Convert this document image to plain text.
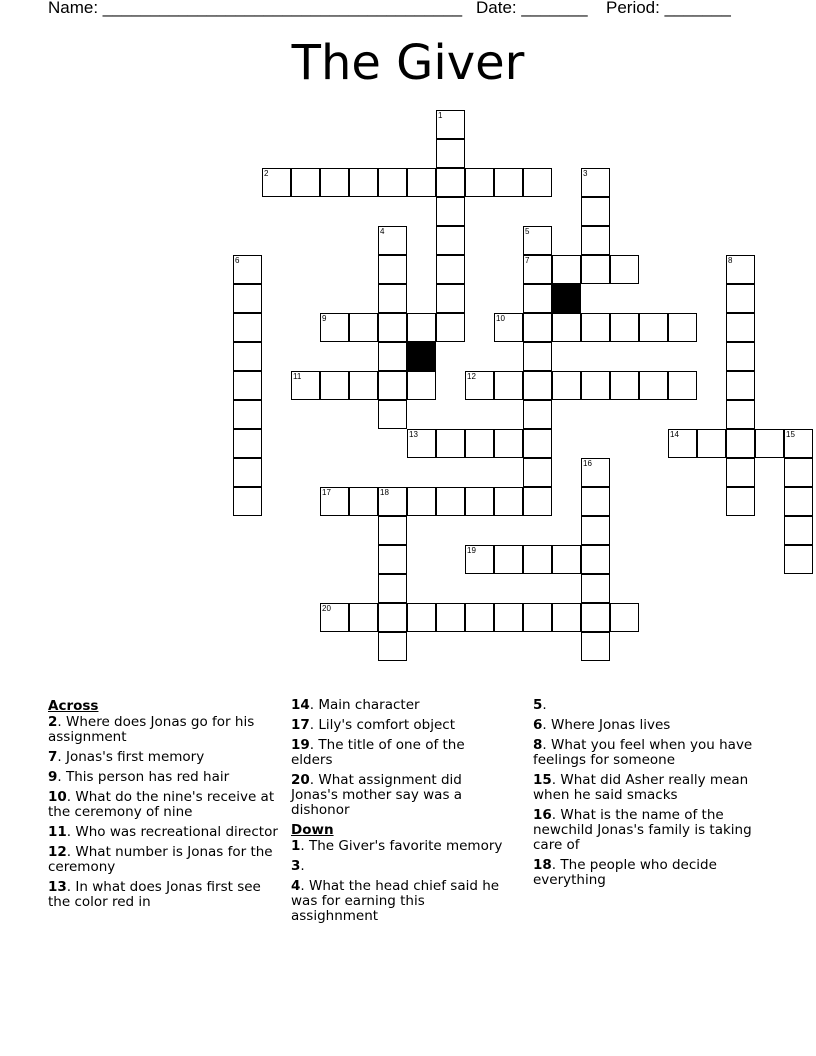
Name: ______________________________________ Date: _______ Period: _______
The Giver
1
2	3
4	5
6	7	8
9	10
11	12
13	14	15
16
17	18
19
20
Across
2. Where does Jonas go for his assignment
7. Jonas's first memory
9. This person has red hair
10. What do the nine's receive at the ceremony of nine
11. Who was recreational director
12. What number is Jonas for the ceremony
13. In what does Jonas first see the color red in
14. Main character
17. Lily's comfort object
19. The title of one of the elders
20. What assignment did Jonas's mother say was a dishonor
Down
1. The Giver's favorite memory
3.
4. What the head chief said he was for earning this assighnment
5.
6. Where Jonas lives
8. What you feel when you have feelings for someone
15. What did Asher really mean when he said smacks
16. What is the name of the newchild Jonas's family is taking care of
18. The people who decide everything
